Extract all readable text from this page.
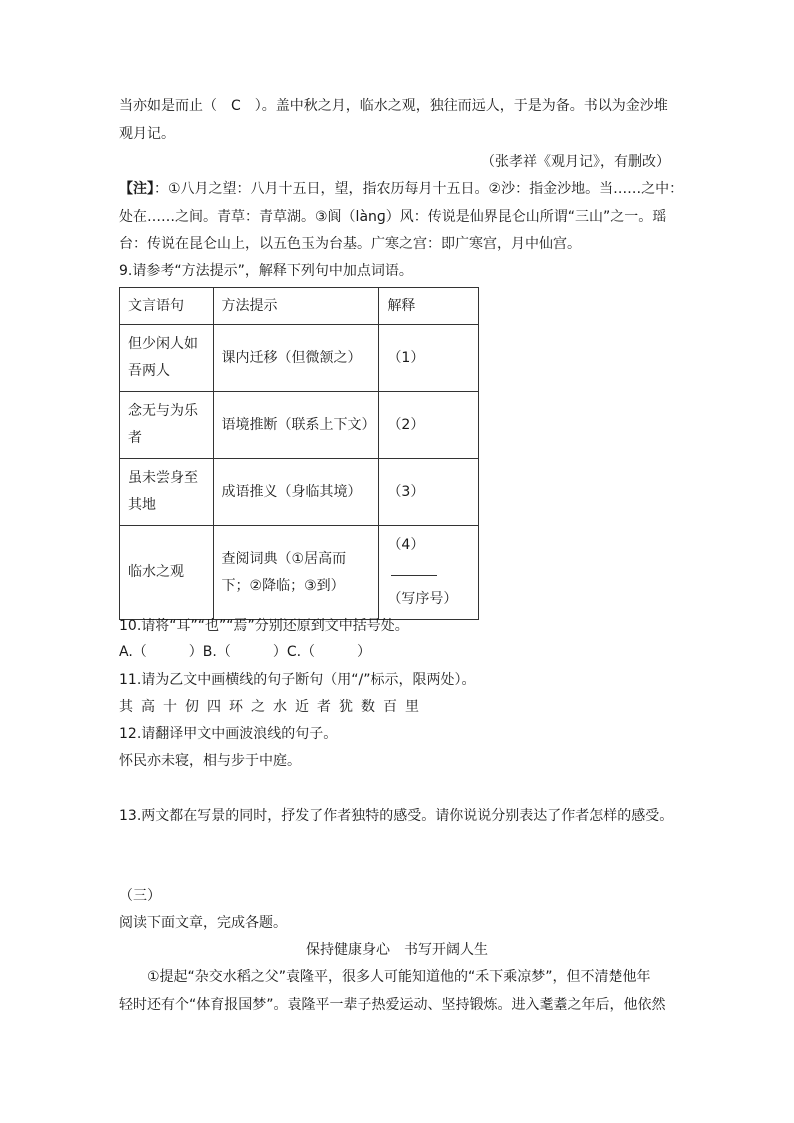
当亦如是而止（　C　）。盖中秋之月，临水之观，独往而远人，于是为备。书以为金沙堆
观月记。
（张孝祥《观月记》，有删改）
【注】：①八月之望：八月十五日，望，指农历每月十五日。②沙：指金沙地。当……之中：
处在……之间。青草：青草湖。③阆（lànɡ）风：传说是仙界昆仑山所谓“三山”之一。瑶
台：传说在昆仑山上，以五色玉为台基。广寒之宫：即广寒宫，月中仙宫。
9.请参考“方法提示”，解释下列句中加点词语。
文言语句	方法提示	解释
但少闲人如吾两人	课内迁移（但微颔之）	（1）
念无与为乐者	语境推断（联系上下文）	（2）
虽未尝身至其地	成语推义（身临其境）	（3）
临水之观	查阅词典（①居高而下；②降临；③到）	（4）
（写序号）
10.请将“耳”“也”“焉”分别还原到文中括号处。
A.（　　　）B.（　　　）C.（　　　）
11.请为乙文中画横线的句子断句（用“/”标示，限两处）。
其高十仞四环之水近者犹数百里
12.请翻译甲文中画波浪线的句子。
怀民亦未寝，相与步于中庭。
13.两文都在写景的同时，抒发了作者独特的感受。请你说说分别表达了作者怎样的感受。
（三）
阅读下面文章，完成各题。
保持健康身心　书写开阔人生
　　①提起“杂交水稻之父”袁隆平，很多人可能知道他的“禾下乘凉梦”，但不清楚他年
轻时还有个“体育报国梦”。袁隆平一辈子热爱运动、坚持锻炼。进入耄耋之年后，他依然
